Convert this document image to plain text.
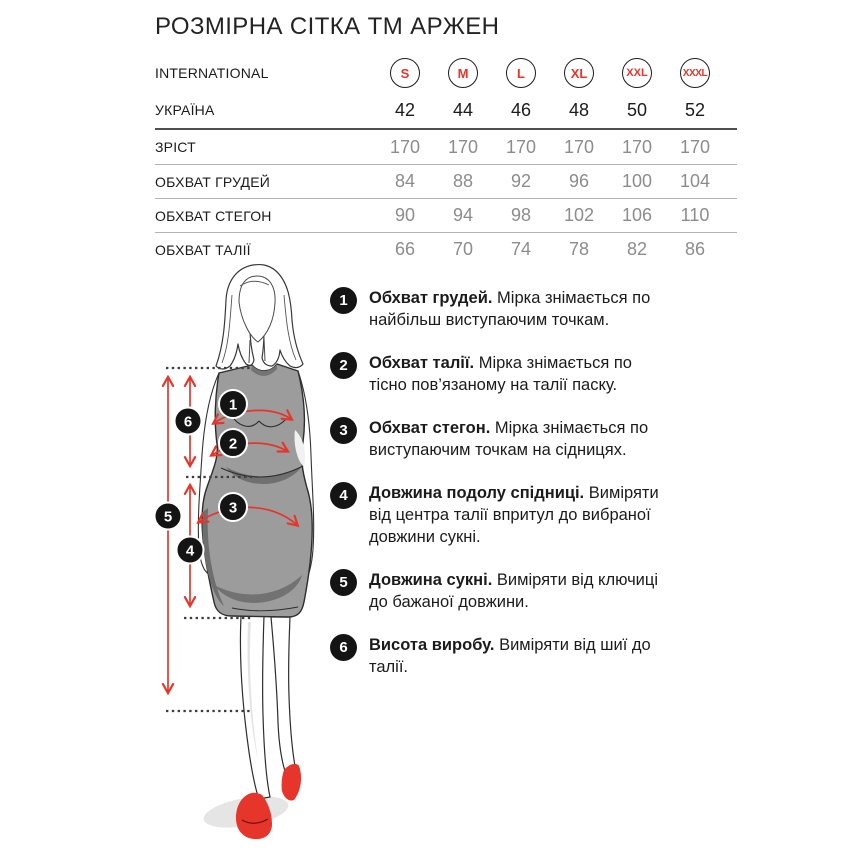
1
2
3
4
5
6
РОЗМІРНА СІТКА ТМ АРЖЕН
INTERNATIONAL	S	M	L	XL	XXL	XXXL
УКРАЇНА	42	44	46	48	50	52
ЗРІСТ	170	170	170	170	170	170
ОБХВАТ ГРУДЕЙ	84	88	92	96	100	104
ОБХВАТ СТЕГОН	90	94	98	102	106	110
ОБХВАТ ТАЛІЇ	66	70	74	78	82	86
1	Обхват грудей. Мірка знімається по найбільш виступаючим точкам.
2	Обхват талії. Мірка знімається по тісно пов’язаному на талії паску.
3	Обхват стегон. Мірка знімається по виступаючим точкам на сідницях.
4	Довжина подолу спідниці. Виміряти від центра талії впритул до вибраної довжини сукні.
5	Довжина сукні. Виміряти від ключиці до бажаної довжини.
6	Висота виробу. Виміряти від шиї до талії.
